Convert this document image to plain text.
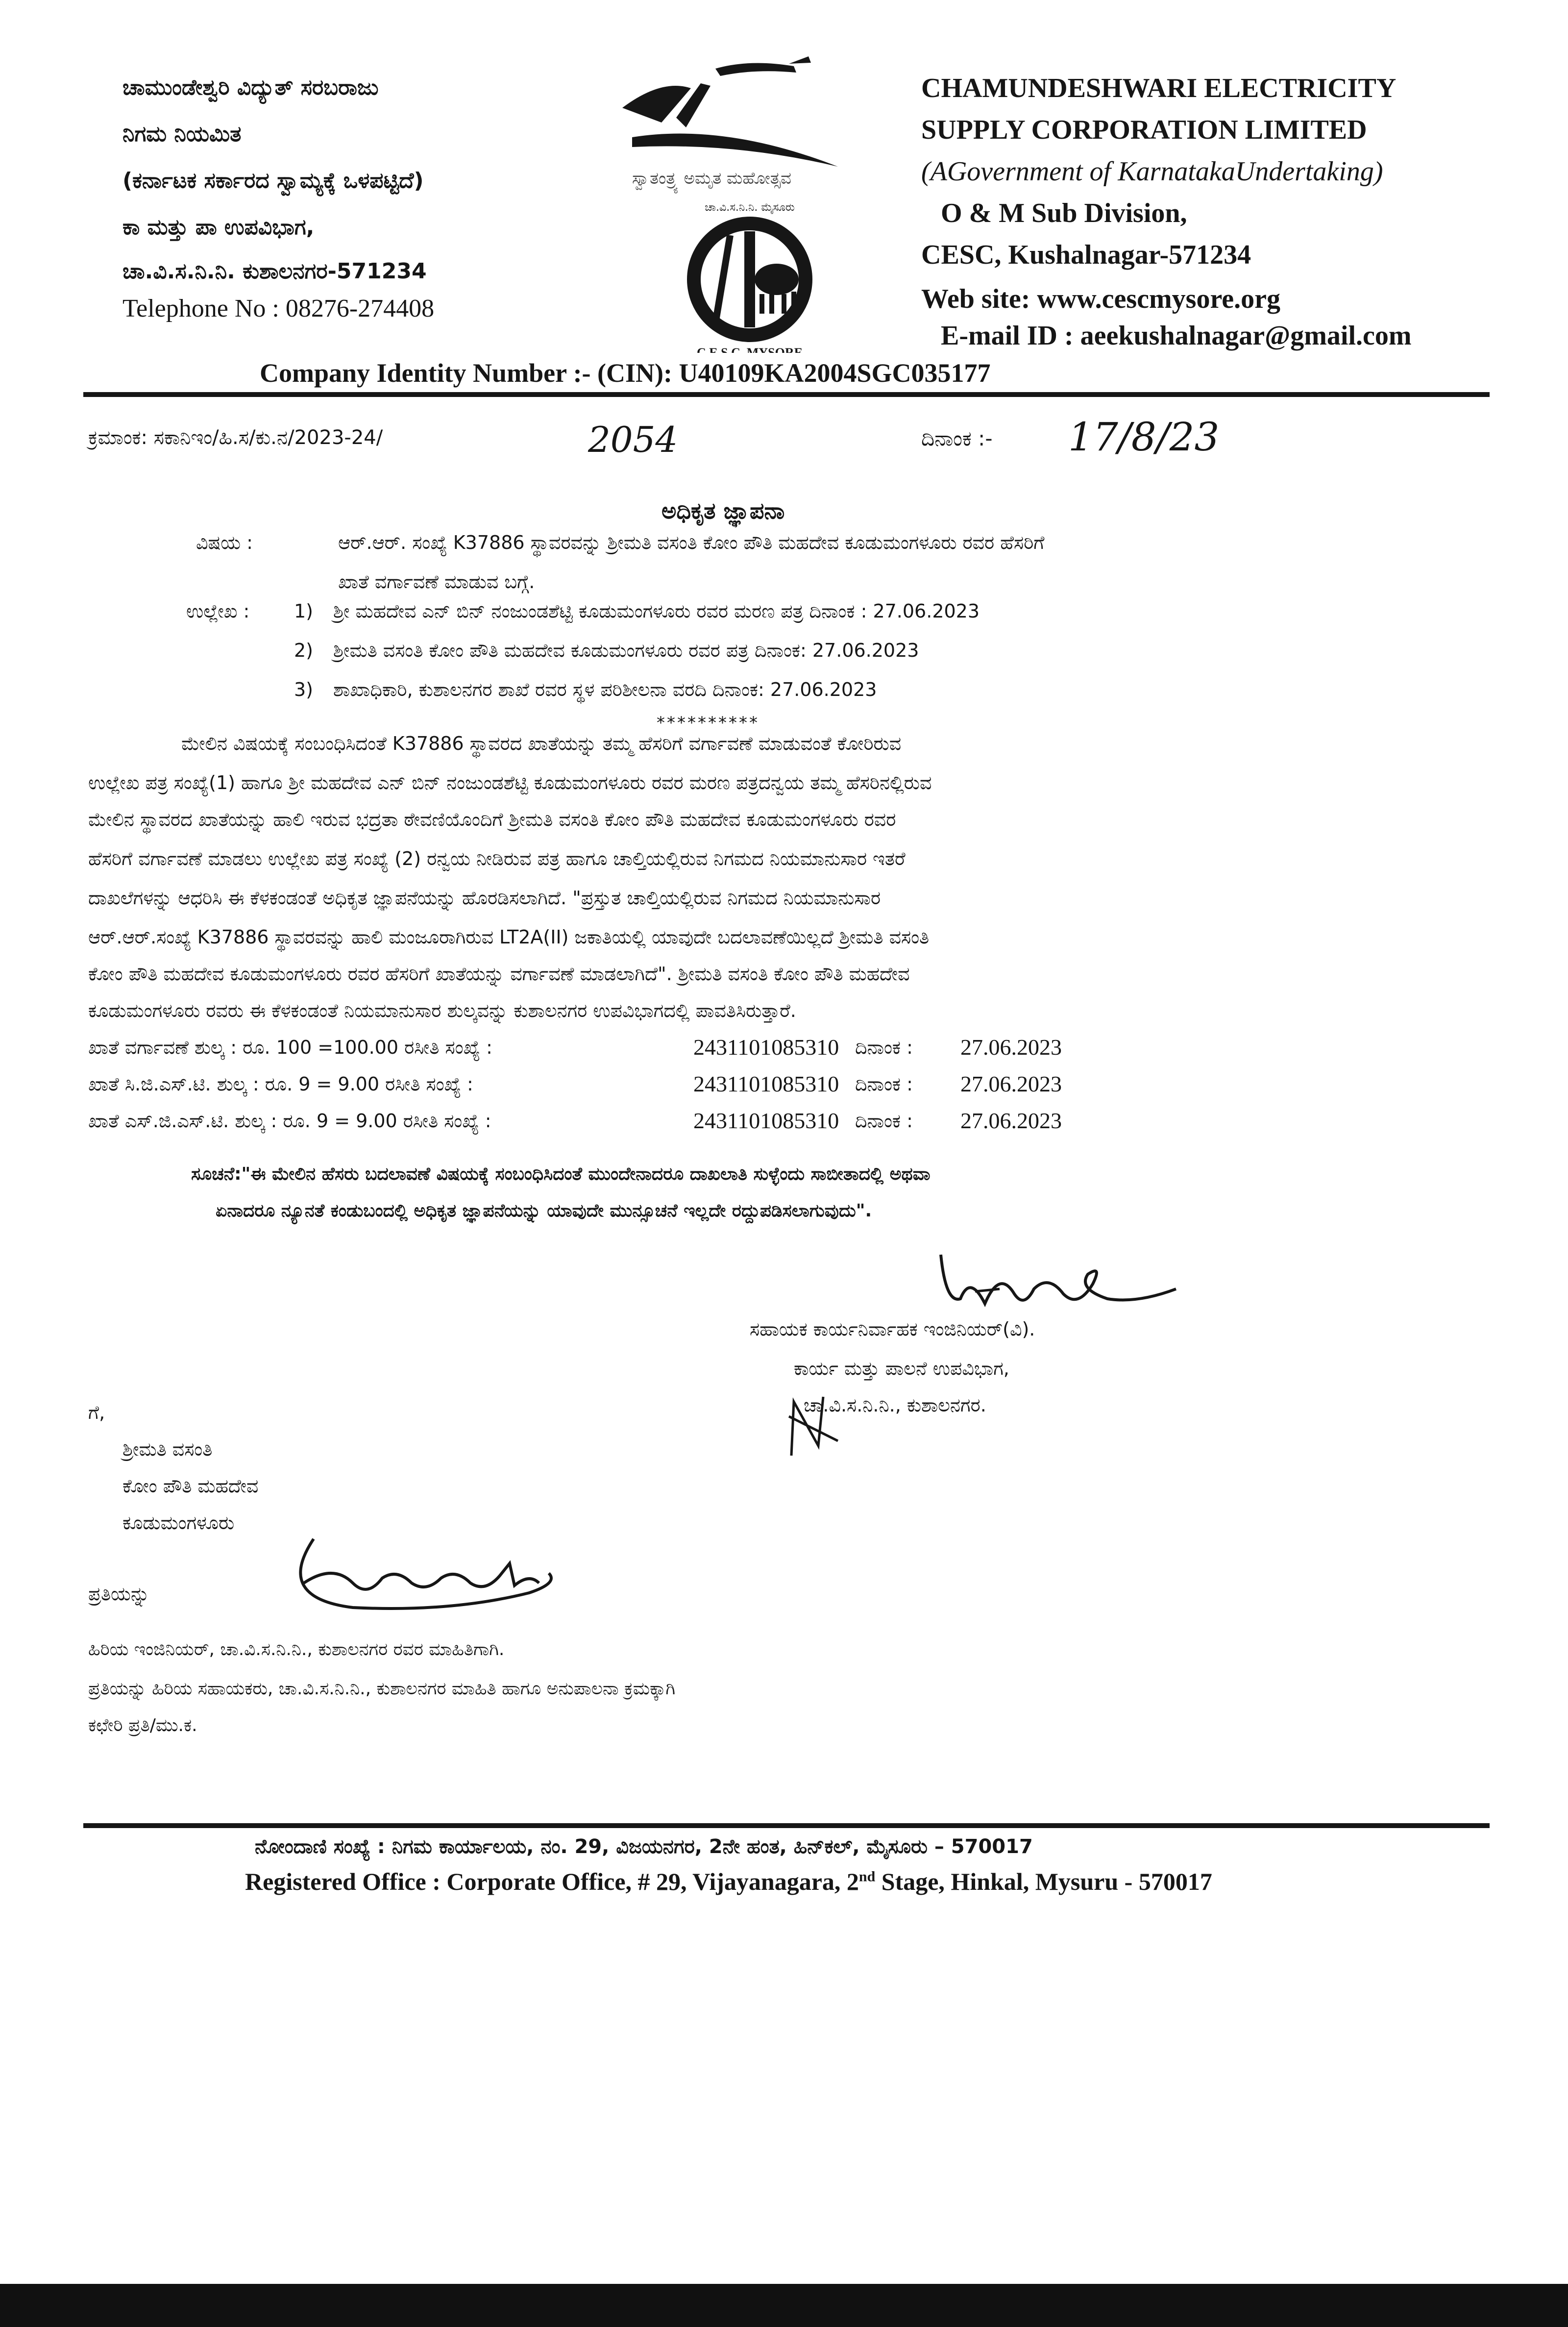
ಚಾಮುಂಡೇಶ್ವರಿ ವಿದ್ಯುತ್ ಸರಬರಾಜು
ನಿಗಮ ನಿಯಮಿತ
(ಕರ್ನಾಟಕ ಸರ್ಕಾರದ ಸ್ವಾಮ್ಯಕ್ಕೆ ಒಳಪಟ್ಟಿದೆ)
ಕಾ ಮತ್ತು ಪಾ ಉಪವಿಭಾಗ,
ಚಾ.ವಿ.ಸ.ನಿ.ನಿ. ಕುಶಾಲನಗರ-571234
Telephone No : 08276-274408
ಸ್ವಾತಂತ್ರ್ಯ ಅಮೃತ ಮಹೋತ್ಸವ
ಚಾ.ವಿ.ಸ.ನಿ.ನಿ. ಮೈಸೂರು
C.E.S.C. MYSORE
CHAMUNDESHWARI ELECTRICITY
SUPPLY CORPORATION LIMITED
(AGovernment of KarnatakaUndertaking)
O & M Sub Division,
CESC, Kushalnagar-571234
Web site: www.cescmysore.org
E-mail ID : aeekushalnagar@gmail.com
Company Identity Number :- (CIN): U40109KA2004SGC035177
ಕ್ರಮಾಂಕ: ಸಕಾನಿಇಂ/ಹಿ.ಸ/ಕು.ನ/2023-24/	2054	ದಿನಾಂಕ :- 17/8/23
ಅಧಿಕೃತ ಜ್ಞಾಪನಾ
ವಿಷಯ :	ಆರ್.ಆರ್. ಸಂಖ್ಯೆ K37886 ಸ್ಥಾವರವನ್ನು ಶ್ರೀಮತಿ ವಸಂತಿ ಕೋಂ ಪೌತಿ ಮಹದೇವ ಕೂಡುಮಂಗಳೂರು ರವರ ಹೆಸರಿಗೆ
ಖಾತೆ ವರ್ಗಾವಣೆ ಮಾಡುವ ಬಗ್ಗೆ.
ಉಲ್ಲೇಖ : 1) ಶ್ರೀ ಮಹದೇವ ಎನ್ ಬಿನ್ ನಂಜುಂಡಶೆಟ್ಟಿ ಕೂಡುಮಂಗಳೂರು ರವರ ಮರಣ ಪತ್ರ ದಿನಾಂಕ : 27.06.2023
2) ಶ್ರೀಮತಿ ವಸಂತಿ ಕೋಂ ಪೌತಿ ಮಹದೇವ ಕೂಡುಮಂಗಳೂರು ರವರ ಪತ್ರ ದಿನಾಂಕ: 27.06.2023
3) ಶಾಖಾಧಿಕಾರಿ, ಕುಶಾಲನಗರ ಶಾಖೆ ರವರ ಸ್ಥಳ ಪರಿಶೀಲನಾ ವರದಿ ದಿನಾಂಕ: 27.06.2023
**********
ಮೇಲಿನ ವಿಷಯಕ್ಕೆ ಸಂಬಂಧಿಸಿದಂತೆ K37886 ಸ್ಥಾವರದ ಖಾತೆಯನ್ನು ತಮ್ಮ ಹೆಸರಿಗೆ ವರ್ಗಾವಣೆ ಮಾಡುವಂತೆ ಕೋರಿರುವ
ಉಲ್ಲೇಖ ಪತ್ರ ಸಂಖ್ಯೆ(1) ಹಾಗೂ ಶ್ರೀ ಮಹದೇವ ಎನ್ ಬಿನ್ ನಂಜುಂಡಶೆಟ್ಟಿ ಕೂಡುಮಂಗಳೂರು ರವರ ಮರಣ ಪತ್ರದನ್ವಯ ತಮ್ಮ ಹೆಸರಿನಲ್ಲಿರುವ
ಮೇಲಿನ ಸ್ಥಾವರದ ಖಾತೆಯನ್ನು ಹಾಲಿ ಇರುವ ಭದ್ರತಾ ಠೇವಣಿಯೊಂದಿಗೆ ಶ್ರೀಮತಿ ವಸಂತಿ ಕೋಂ ಪೌತಿ ಮಹದೇವ ಕೂಡುಮಂಗಳೂರು ರವರ
ಹೆಸರಿಗೆ ವರ್ಗಾವಣೆ ಮಾಡಲು ಉಲ್ಲೇಖ ಪತ್ರ ಸಂಖ್ಯೆ (2) ರನ್ವಯ ನೀಡಿರುವ ಪತ್ರ ಹಾಗೂ ಚಾಲ್ತಿಯಲ್ಲಿರುವ ನಿಗಮದ ನಿಯಮಾನುಸಾರ ಇತರೆ
ದಾಖಲೆಗಳನ್ನು ಆಧರಿಸಿ ಈ ಕೆಳಕಂಡಂತೆ ಅಧಿಕೃತ ಜ್ಞಾಪನೆಯನ್ನು ಹೊರಡಿಸಲಾಗಿದೆ. "ಪ್ರಸ್ತುತ ಚಾಲ್ತಿಯಲ್ಲಿರುವ ನಿಗಮದ ನಿಯಮಾನುಸಾರ
ಆರ್.ಆರ್.ಸಂಖ್ಯೆ K37886 ಸ್ಥಾವರವನ್ನು ಹಾಲಿ ಮಂಜೂರಾಗಿರುವ LT2A(II) ಜಕಾತಿಯಲ್ಲಿ ಯಾವುದೇ ಬದಲಾವಣೆಯಿಲ್ಲದೆ ಶ್ರೀಮತಿ ವಸಂತಿ
ಕೋಂ ಪೌತಿ ಮಹದೇವ ಕೂಡುಮಂಗಳೂರು ರವರ ಹೆಸರಿಗೆ ಖಾತೆಯನ್ನು ವರ್ಗಾವಣೆ ಮಾಡಲಾಗಿದೆ". ಶ್ರೀಮತಿ ವಸಂತಿ ಕೋಂ ಪೌತಿ ಮಹದೇವ
ಕೂಡುಮಂಗಳೂರು ರವರು ಈ ಕೆಳಕಂಡಂತೆ ನಿಯಮಾನುಸಾರ ಶುಲ್ಕವನ್ನು ಕುಶಾಲನಗರ ಉಪವಿಭಾಗದಲ್ಲಿ ಪಾವತಿಸಿರುತ್ತಾರೆ.
ಖಾತೆ ವರ್ಗಾವಣೆ ಶುಲ್ಕ : ರೂ. 100 =100.00 ರಸೀತಿ ಸಂಖ್ಯೆ :	2431101085310 ದಿನಾಂಕ : 27.06.2023
ಖಾತೆ ಸಿ.ಜಿ.ಎಸ್.ಟಿ. ಶುಲ್ಕ : ರೂ. 9 = 9.00 ರಸೀತಿ ಸಂಖ್ಯೆ :	2431101085310 ದಿನಾಂಕ : 27.06.2023
ಖಾತೆ ಎಸ್.ಜಿ.ಎಸ್.ಟಿ. ಶುಲ್ಕ : ರೂ. 9 = 9.00 ರಸೀತಿ ಸಂಖ್ಯೆ :	2431101085310 ದಿನಾಂಕ : 27.06.2023
ಸೂಚನೆ:"ಈ ಮೇಲಿನ ಹೆಸರು ಬದಲಾವಣೆ ವಿಷಯಕ್ಕೆ ಸಂಬಂಧಿಸಿದಂತೆ ಮುಂದೇನಾದರೂ ದಾಖಲಾತಿ ಸುಳ್ಳೆಂದು ಸಾಬೀತಾದಲ್ಲಿ ಅಥವಾ
ಏನಾದರೂ ನ್ಯೂನತೆ ಕಂಡುಬಂದಲ್ಲಿ ಅಧಿಕೃತ ಜ್ಞಾಪನೆಯನ್ನು ಯಾವುದೇ ಮುನ್ಸೂಚನೆ ಇಲ್ಲದೇ ರದ್ದುಪಡಿಸಲಾಗುವುದು".
ಸಹಾಯಕ ಕಾರ್ಯನಿರ್ವಾಹಕ ಇಂಜಿನಿಯರ್(ವಿ).
ಕಾರ್ಯ ಮತ್ತು ಪಾಲನೆ ಉಪವಿಭಾಗ,
ಚಾ.ವಿ.ಸ.ನಿ.ನಿ., ಕುಶಾಲನಗರ.
ಗೆ,
ಶ್ರೀಮತಿ ವಸಂತಿ
ಕೋಂ ಪೌತಿ ಮಹದೇವ
ಕೂಡುಮಂಗಳೂರು
ಪ್ರತಿಯನ್ನು
ಹಿರಿಯ ಇಂಜಿನಿಯರ್, ಚಾ.ವಿ.ಸ.ನಿ.ನಿ., ಕುಶಾಲನಗರ ರವರ ಮಾಹಿತಿಗಾಗಿ.
ಪ್ರತಿಯನ್ನು ಹಿರಿಯ ಸಹಾಯಕರು, ಚಾ.ವಿ.ಸ.ನಿ.ನಿ., ಕುಶಾಲನಗರ ಮಾಹಿತಿ ಹಾಗೂ ಅನುಪಾಲನಾ ಕ್ರಮಕ್ಕಾಗಿ
ಕಛೇರಿ ಪ್ರತಿ/ಮು.ಕ.
ನೋಂದಾಣಿ ಸಂಖ್ಯೆ : ನಿಗಮ ಕಾರ್ಯಾಲಯ, ನಂ. 29, ವಿಜಯನಗರ, 2ನೇ ಹಂತ, ಹಿನ್‌ಕಲ್, ಮೈಸೂರು – 570017
Registered Office : Corporate Office, # 29, Vijayanagara, 2nd Stage, Hinkal, Mysuru - 570017
